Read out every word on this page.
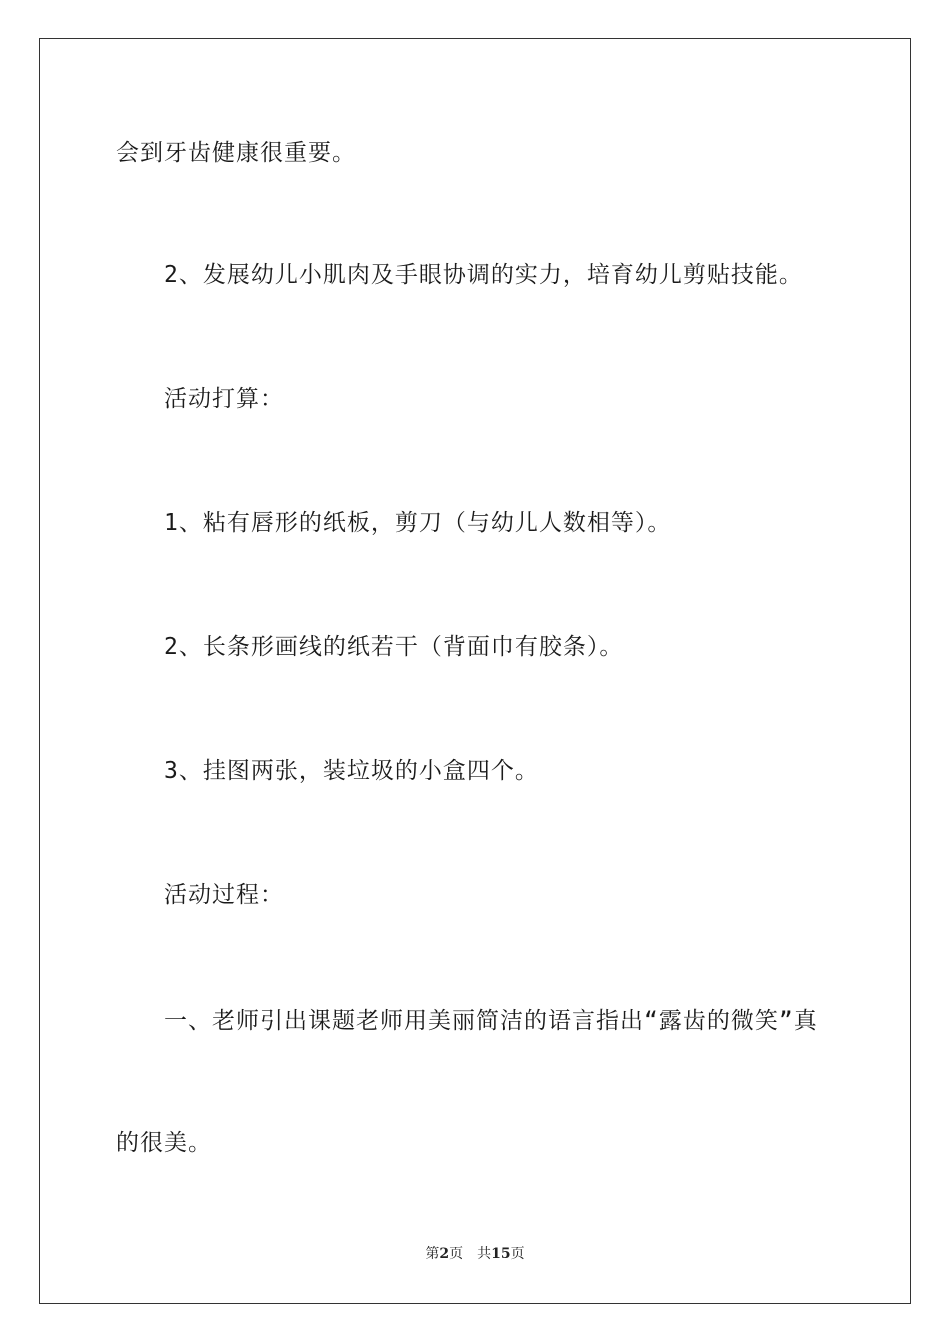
会到牙齿健康很重要。
2、发展幼儿小肌肉及手眼协调的实力，培育幼儿剪贴技能。
活动打算：
1、粘有唇形的纸板，剪刀（与幼儿人数相等）。
2、长条形画线的纸若干（背面巾有胶条）。
3、挂图两张，装垃圾的小盒四个。
活动过程：
一、老师引出课题老师用美丽简洁的语言指出“露齿的微笑”真
的很美。
第2页 共15页
